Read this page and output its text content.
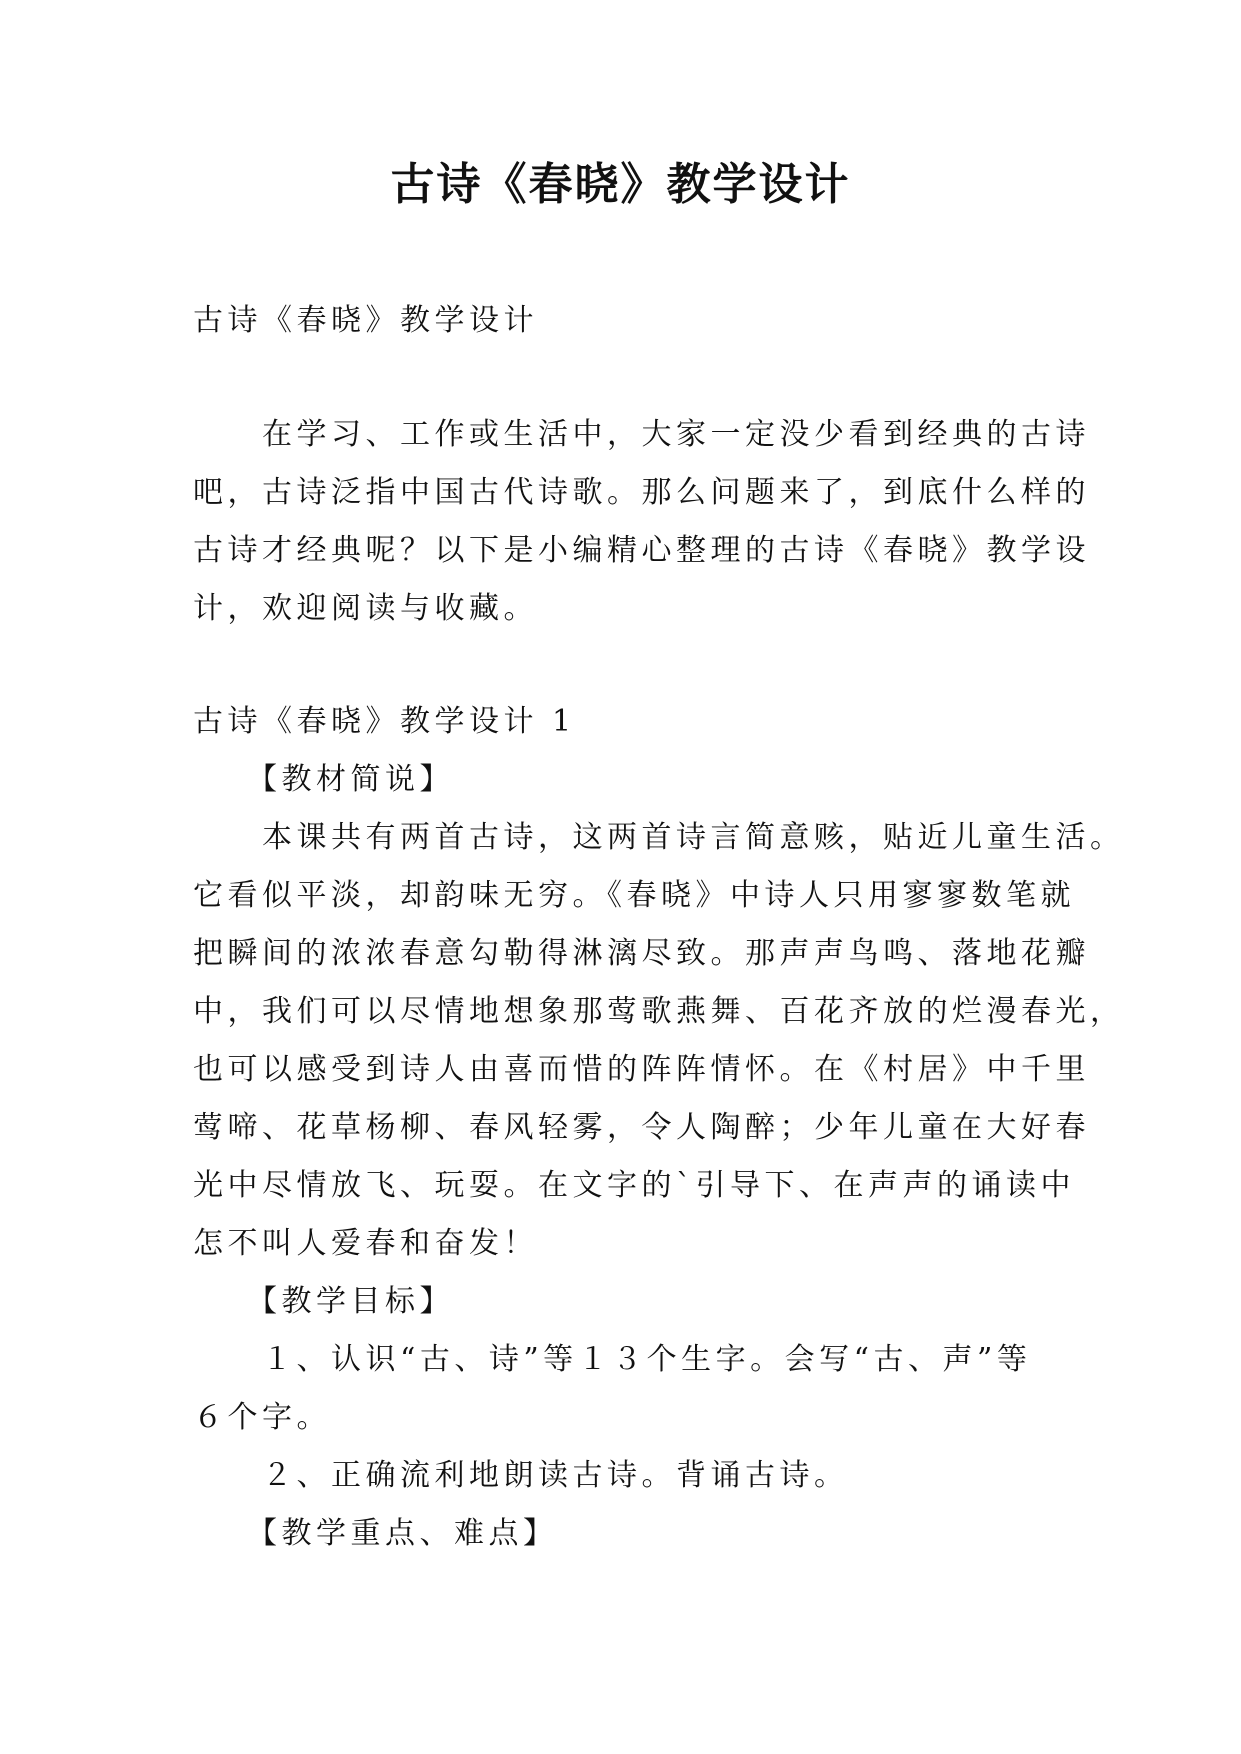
古诗《春晓》教学设计
古诗《春晓》教学设计
　　在学习、工作或生活中，大家一定没少看到经典的古诗
吧，古诗泛指中国古代诗歌。那么问题来了，到底什么样的
古诗才经典呢？以下是小编精心整理的古诗《春晓》教学设
计，欢迎阅读与收藏。
古诗《春晓》教学设计 1
　　【教材简说】
　　本课共有两首古诗，这两首诗言简意赅，贴近儿童生活。
它看似平淡，却韵味无穷。《春晓》中诗人只用寥寥数笔就
把瞬间的浓浓春意勾勒得淋漓尽致。那声声鸟鸣、落地花瓣
中，我们可以尽情地想象那莺歌燕舞、百花齐放的烂漫春光，
也可以感受到诗人由喜而惜的阵阵情怀。在《村居》中千里
莺啼、花草杨柳、春风轻雾，令人陶醉；少年儿童在大好春
光中尽情放飞、玩耍。在文字的`引导下、在声声的诵读中
怎不叫人爱春和奋发！
　　【教学目标】
　　１、认识“古、诗”等１３个生字。会写“古、声”等
６个字。
　　２、正确流利地朗读古诗。背诵古诗。
　　【教学重点、难点】
